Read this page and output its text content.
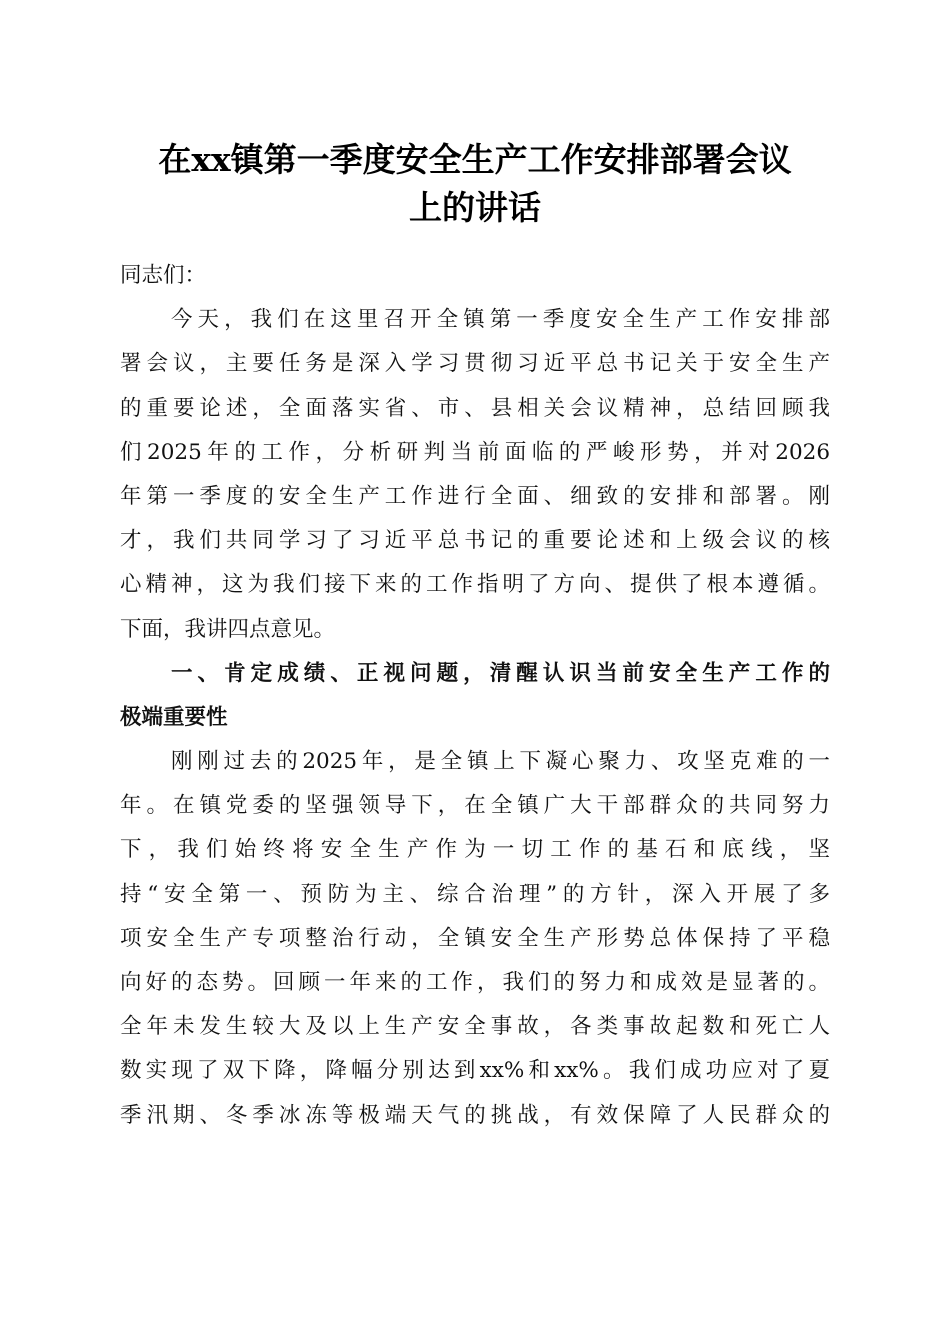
在xx镇第一季度安全生产工作安排部署会议
上的讲话
同志们：
今天，我们在这里召开全镇第一季度安全生产工作安排部
署会议，主要任务是深入学习贯彻习近平总书记关于安全生产
的重要论述，全面落实省、市、县相关会议精神，总结回顾我
们2025年的工作，分析研判当前面临的严峻形势，并对2026
年第一季度的安全生产工作进行全面、细致的安排和部署。刚
才，我们共同学习了习近平总书记的重要论述和上级会议的核
心精神，这为我们接下来的工作指明了方向、提供了根本遵循。
下面，我讲四点意见。
一、肯定成绩、正视问题，清醒认识当前安全生产工作的
极端重要性
刚刚过去的2025年，是全镇上下凝心聚力、攻坚克难的一
年。在镇党委的坚强领导下，在全镇广大干部群众的共同努力
下，我们始终将安全生产作为一切工作的基石和底线，坚
持“安全第一、预防为主、综合治理”的方针，深入开展了多
项安全生产专项整治行动，全镇安全生产形势总体保持了平稳
向好的态势。回顾一年来的工作，我们的努力和成效是显著的。
全年未发生较大及以上生产安全事故，各类事故起数和死亡人
数实现了双下降，降幅分别达到xx%和xx%。我们成功应对了夏
季汛期、冬季冰冻等极端天气的挑战，有效保障了人民群众的
